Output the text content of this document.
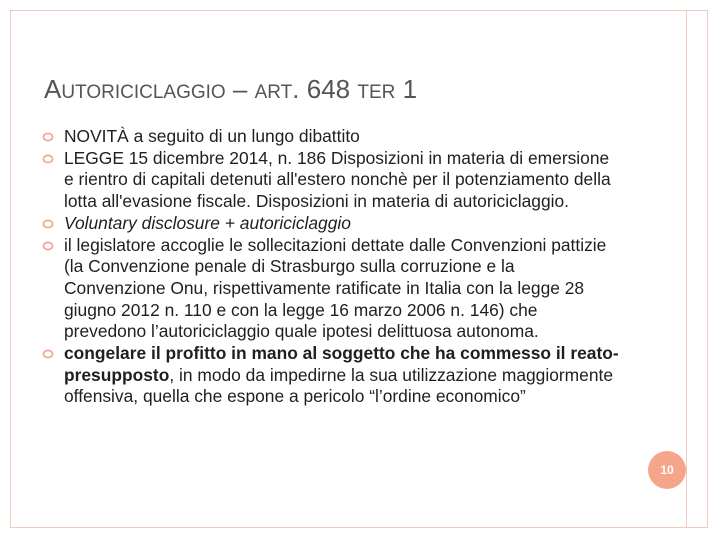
AUTORICICLAGGIO – ART. 648 TER 1
NOVITÀ a seguito di un lungo dibattito
LEGGE 15 dicembre 2014, n. 186 Disposizioni in materia di emersione e rientro di capitali detenuti all'estero nonchè per il potenziamento della lotta all'evasione fiscale. Disposizioni in materia di autoriciclaggio.
Voluntary disclosure + autoriciclaggio
il legislatore accoglie le sollecitazioni dettate dalle Convenzioni pattizie (la Convenzione penale di Strasburgo sulla corruzione e la Convenzione Onu, rispettivamente ratificate in Italia con la legge 28 giugno 2012 n. 110 e con la legge 16 marzo 2006 n. 146) che prevedono l’autoriciclaggio quale ipotesi delittuosa autonoma.
congelare il profitto in mano al soggetto che ha commesso il reato-presupposto, in modo da impedirne la sua utilizzazione maggiormente offensiva, quella che espone a pericolo “l’ordine economico”
10
